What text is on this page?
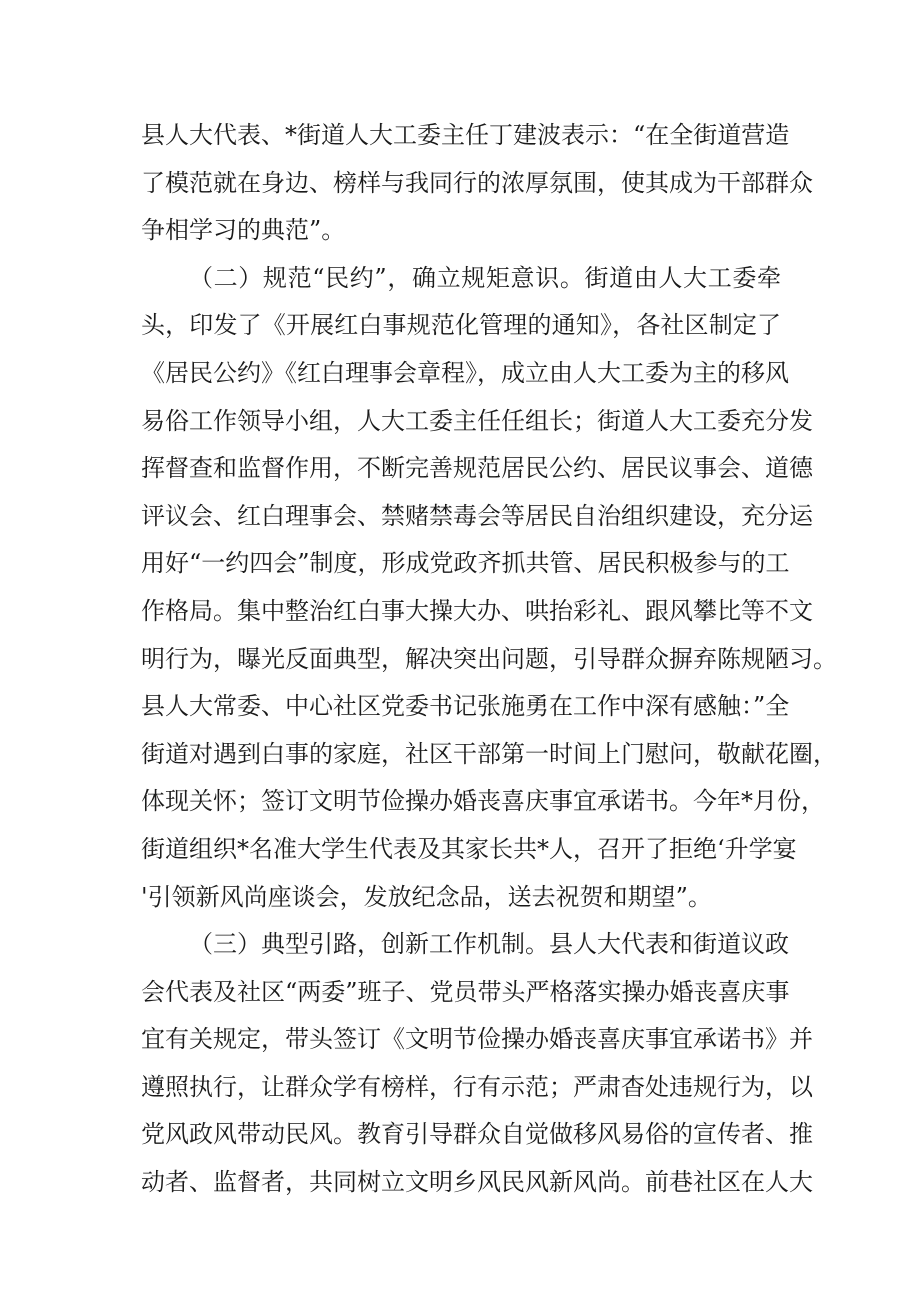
县人大代表、*街道人大工委主任丁建波表示：“在全街道营造
了模范就在身边、榜样与我同行的浓厚氛围，使其成为干部群众
争相学习的典范”。
（二）规范“民约”，确立规矩意识。街道由人大工委牵
头，印发了《开展红白事规范化管理的通知》，各社区制定了
《居民公约》《红白理事会章程》，成立由人大工委为主的移风
易俗工作领导小组，人大工委主任任组长；街道人大工委充分发
挥督查和监督作用，不断完善规范居民公约、居民议事会、道德
评议会、红白理事会、禁赌禁毒会等居民自治组织建设，充分运
用好“一约四会”制度，形成党政齐抓共管、居民积极参与的工
作格局。集中整治红白事大操大办、哄抬彩礼、跟风攀比等不文
明行为，曝光反面典型，解决突出问题，引导群众摒弃陈规陋习。
县人大常委、中心社区党委书记张施勇在工作中深有感触：”全
街道对遇到白事的家庭，社区干部第一时间上门慰问，敬献花圈，
体现关怀；签订文明节俭操办婚丧喜庆事宜承诺书。今年*月份，
街道组织*名准大学生代表及其家长共*人，召开了拒绝‘升学宴
'引领新风尚座谈会，发放纪念品，送去祝贺和期望”。
（三）典型引路，创新工作机制。县人大代表和街道议政
会代表及社区“两委”班子、党员带头严格落实操办婚丧喜庆事
宜有关规定，带头签订《文明节俭操办婚丧喜庆事宜承诺书》并
遵照执行，让群众学有榜样，行有示范；严肃杳处违规行为，以
党风政风带动民风。教育引导群众自觉做移风易俗的宣传者、推
动者、监督者，共同树立文明乡风民风新风尚。前巷社区在人大
